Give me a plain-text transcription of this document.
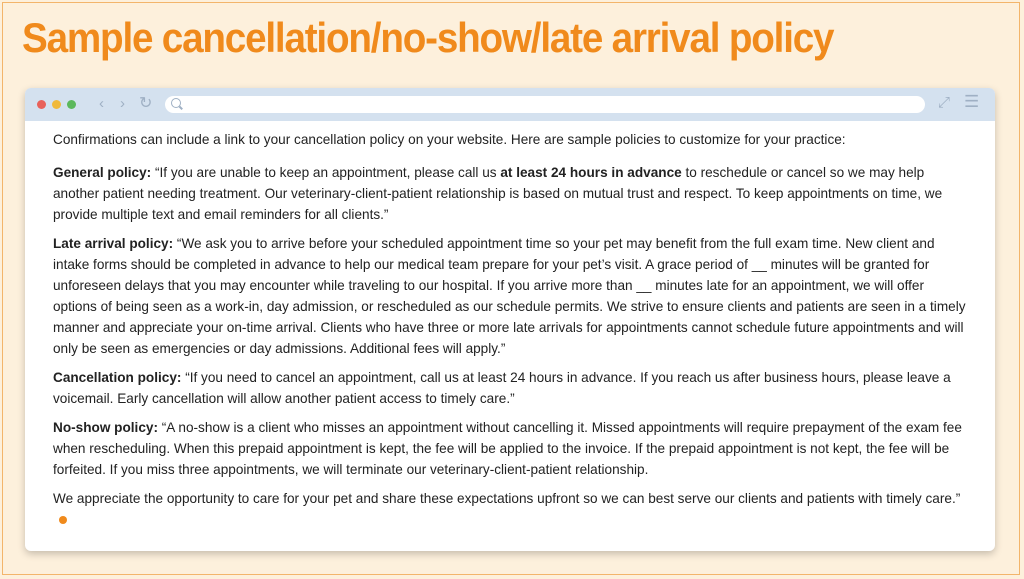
Sample cancellation/no-show/late arrival policy
‹ › ↻	⤢ ☰

Confirmations can include a link to your cancellation policy on your website. Here are sample policies to customize for your practice:

General policy: “If you are unable to keep an appointment, please call us at least 24 hours in advance to reschedule or cancel so we may help another patient needing treatment. Our veterinary-client-patient relationship is based on mutual trust and respect. To keep appointments on time, we provide multiple text and email reminders for all clients.”

Late arrival policy: “We ask you to arrive before your scheduled appointment time so your pet may benefit from the full exam time. New client and intake forms should be completed in advance to help our medical team prepare for your pet’s visit. A grace period of __ minutes will be granted for unforeseen delays that you may encounter while traveling to our hospital. If you arrive more than __ minutes late for an appointment, we will offer options of being seen as a work-in, day admission, or rescheduled as our schedule permits. We strive to ensure clients and patients are seen in a timely manner and appreciate your on-time arrival. Clients who have three or more late arrivals for appointments cannot schedule future appointments and will only be seen as emergencies or day admissions. Additional fees will apply.”

Cancellation policy: “If you need to cancel an appointment, call us at least 24 hours in advance. If you reach us after business hours, please leave a voicemail. Early cancellation will allow another patient access to timely care.”

No-show policy: “A no-show is a client who misses an appointment without cancelling it. Missed appointments will require prepayment of the exam fee when rescheduling. When this prepaid appointment is kept, the fee will be applied to the invoice. If the prepaid appointment is not kept, the fee will be forfeited. If you miss three appointments, we will terminate our veterinary-client-patient relationship.

We appreciate the opportunity to care for your pet and share these expectations upfront so we can best serve our clients and patients with timely care.”
